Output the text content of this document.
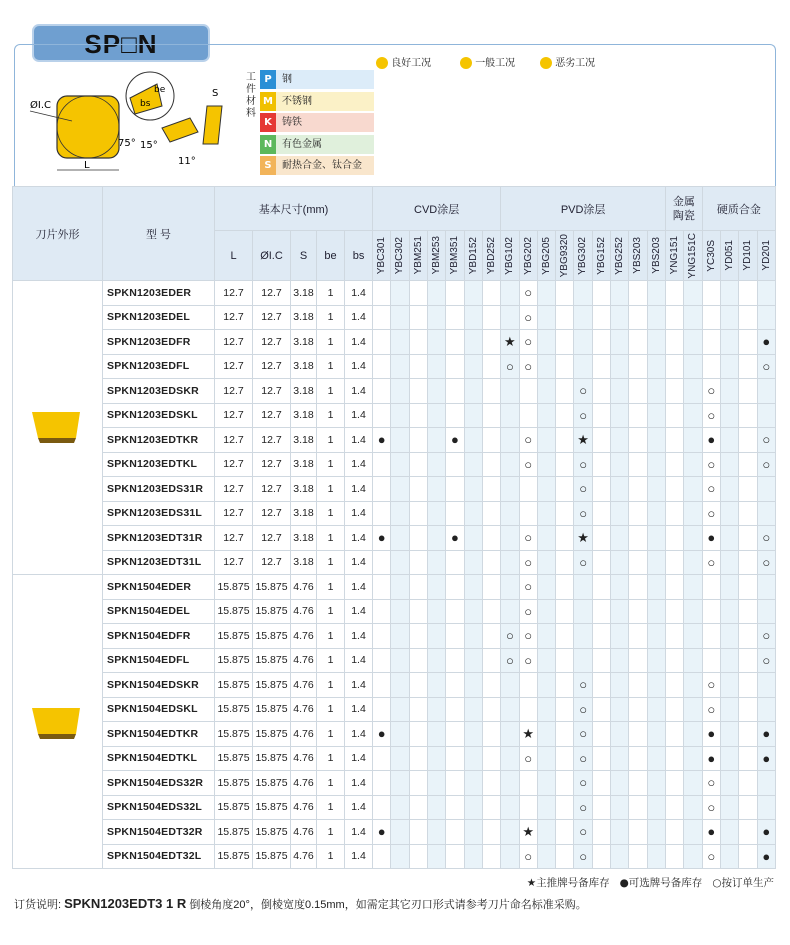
SP□N
ØI.C
L
bs
be
75° 15°
S
11°
良好工况	一般工况	恶劣工况
工件材料
P 钢
M 不锈钢
K 铸铁
N 有色金属
S 耐热合金、钛合金
刀片外形	型 号	基本尺寸(mm)					CVD涂层							PVD涂层									金属陶瓷		硬质合金			
		L	ØI.C	S	be	bs	YBC301	YBC302	YBM251	YBM253	YBM351	YBD152	YBD252	YBG102	YBG202	YBG205	YBG9320	YBG302	YBG152	YBG252	YBS203	YBS203	YNG151	YNG151C	YC30S	YD051	YD101	YD201

	SPKN1203EDER	12.7	12.7	3.18	1	1.4									○													
	SPKN1203EDEL	12.7	12.7	3.18	1	1.4									○													
	SPKN1203EDFR	12.7	12.7	3.18	1	1.4								★	○													●
	SPKN1203EDFL	12.7	12.7	3.18	1	1.4								○	○													○
	SPKN1203EDSKR	12.7	12.7	3.18	1	1.4												○							○			
	SPKN1203EDSKL	12.7	12.7	3.18	1	1.4												○							○			
	SPKN1203EDTKR	12.7	12.7	3.18	1	1.4	●				●				○			★							●			○
	SPKN1203EDTKL	12.7	12.7	3.18	1	1.4									○			○							○			○
	SPKN1203EDS31R	12.7	12.7	3.18	1	1.4												○							○			
	SPKN1203EDS31L	12.7	12.7	3.18	1	1.4												○							○			
	SPKN1203EDT31R	12.7	12.7	3.18	1	1.4	●				●				○			★							●			○
	SPKN1203EDT31L	12.7	12.7	3.18	1	1.4									○			○							○			○
	SPKN1504EDER	15.875	15.875	4.76	1	1.4									○													
	SPKN1504EDEL	15.875	15.875	4.76	1	1.4									○													
	SPKN1504EDFR	15.875	15.875	4.76	1	1.4								○	○													○
	SPKN1504EDFL	15.875	15.875	4.76	1	1.4								○	○													○
	SPKN1504EDSKR	15.875	15.875	4.76	1	1.4												○							○			
	SPKN1504EDSKL	15.875	15.875	4.76	1	1.4												○							○			
	SPKN1504EDTKR	15.875	15.875	4.76	1	1.4	●								★			○							●			●
	SPKN1504EDTKL	15.875	15.875	4.76	1	1.4									○			○							●			●
	SPKN1504EDS32R	15.875	15.875	4.76	1	1.4												○							○			
	SPKN1504EDS32L	15.875	15.875	4.76	1	1.4												○							○			
	SPKN1504EDT32R	15.875	15.875	4.76	1	1.4	●								★			○							●			●
	SPKN1504EDT32L	15.875	15.875	4.76	1	1.4									○			○							○			●
★主推牌号备库存 ●可选牌号备库存 ○按订单生产
订货说明: SPKN1203EDT3 1 R 倒棱角度20°，倒棱宽度0.15mm，如需定其它刃口形式请参考刀片命名标准采购。
